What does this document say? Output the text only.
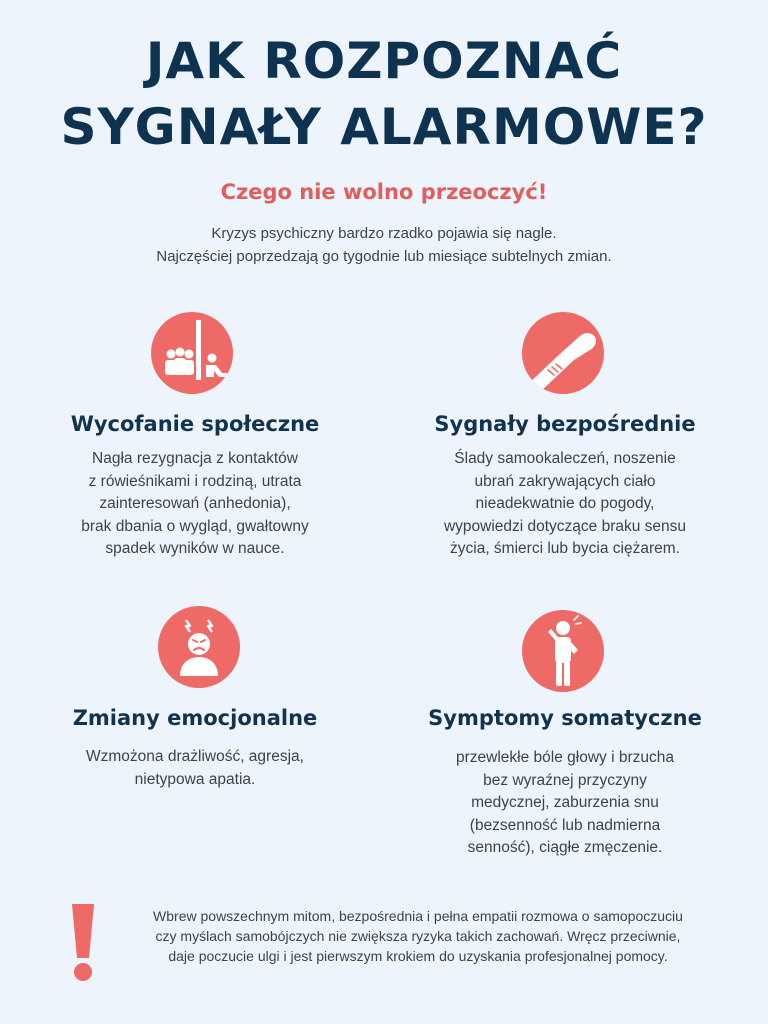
JAK ROZPOZNAĆ
SYGNAŁY ALARMOWE?

Czego nie wolno przeoczyć!

Kryzys psychiczny bardzo rzadko pojawia się nagle.
Najczęściej poprzedzają go tygodnie lub miesiące subtelnych zmian.

Wycofanie społeczne

Nagła rezygnacja z kontaktów
z rówieśnikami i rodziną, utrata
zainteresowań (anhedonia),
brak dbania o wygląd, gwałtowny
spadek wyników w nauce.

Sygnały bezpośrednie

Ślady samookaleczeń, noszenie
ubrań zakrywających ciało
nieadekwatnie do pogody,
wypowiedzi dotyczące braku sensu
życia, śmierci lub bycia ciężarem.

Zmiany emocjonalne

Wzmożona drażliwość, agresja,
nietypowa apatia.

Symptomy somatyczne

przewlekłe bóle głowy i brzucha
bez wyraźnej przyczyny
medycznej, zaburzenia snu
(bezsenność lub nadmierna
senność), ciągłe zmęczenie.

Wbrew powszechnym mitom, bezpośrednia i pełna empatii rozmowa o samopoczuciu
czy myślach samobójczych nie zwiększa ryzyka takich zachowań. Wręcz przeciwnie,
daje poczucie ulgi i jest pierwszym krokiem do uzyskania profesjonalnej pomocy.
